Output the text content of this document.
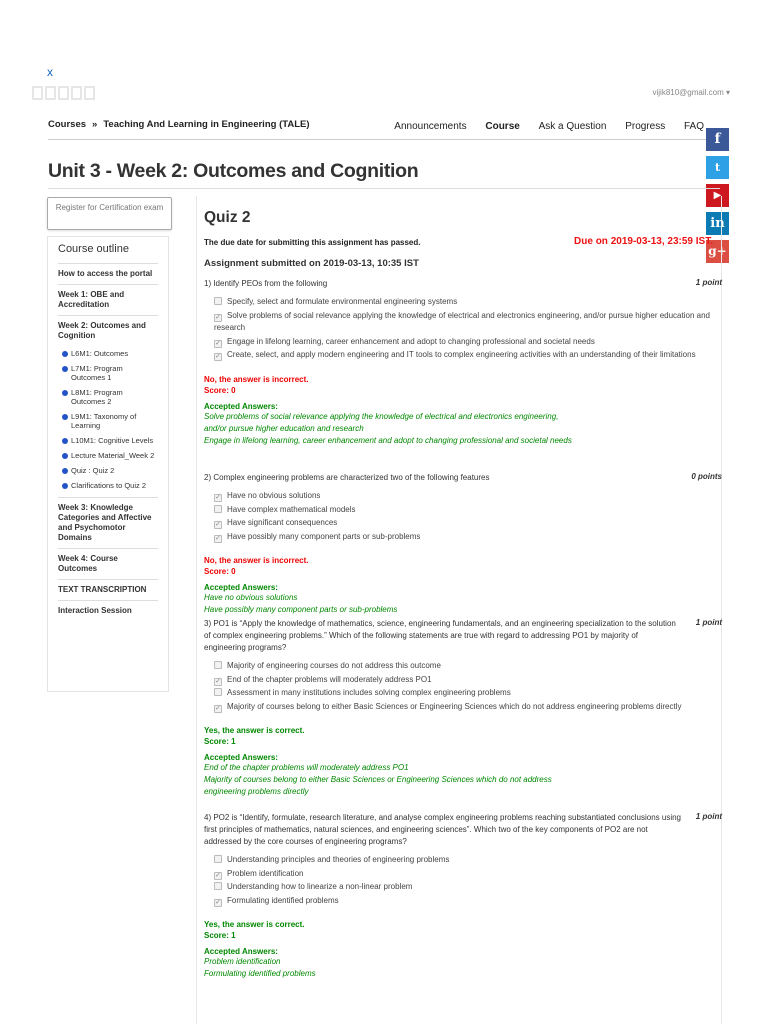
x
vijik810@gmail.com ▾
Courses » Teaching And Learning in Engineering (TALE)	Announcements Course Ask a Question Progress FAQ
f
t
▶
in
g+
Unit 3 - Week 2: Outcomes and Cognition
Register for Certification exam
Course outline
How to access the portal
Week 1: OBE and Accreditation
Week 2: Outcomes and Cognition
L6M1: Outcomes
L7M1: Program Outcomes 1
L8M1: Program Outcomes 2
L9M1: Taxonomy of Learning
L10M1: Cognitive Levels
Lecture Material_Week 2
Quiz : Quiz 2
Clarifications to Quiz 2
Week 3: Knowledge Categories and Affective and Psychomotor Domains
Week 4: Course Outcomes
TEXT TRANSCRIPTION
Interaction Session
Quiz 2
The due date for submitting this assignment has passed.	Due on 2019-03-13, 23:59 IST.
Assignment submitted on 2019-03-13, 10:35 IST
1) Identify PEOs from the following	1 point
Specify, select and formulate environmental engineering systems
✓ Solve problems of social relevance applying the knowledge of electrical and electronics engineering, and/or pursue higher education and research
✓ Engage in lifelong learning, career enhancement and adopt to changing professional and societal needs
✓ Create, select, and apply modern engineering and IT tools to complex engineering activities with an understanding of their limitations
No, the answer is incorrect.
Score: 0
Accepted Answers:
Solve problems of social relevance applying the knowledge of electrical and electronics engineering, and/or pursue higher education and research
Engage in lifelong learning, career enhancement and adopt to changing professional and societal needs
2) Complex engineering problems are characterized two of the following features	0 points
✓ Have no obvious solutions
Have complex mathematical models
✓ Have significant consequences
✓ Have possibly many component parts or sub-problems
No, the answer is incorrect.
Score: 0
Accepted Answers:
Have no obvious solutions
Have possibly many component parts or sub-problems
3) PO1 is “Apply the knowledge of mathematics, science, engineering fundamentals, and an engineering specialization to the solution of complex engineering problems.” Which of the following statements are true with regard to addressing PO1 by majority of engineering programs?
1 point
Majority of engineering courses do not address this outcome
✓ End of the chapter problems will moderately address PO1
Assessment in many institutions includes solving complex engineering problems
✓ Majority of courses belong to either Basic Sciences or Engineering Sciences which do not address engineering problems directly
Yes, the answer is correct.
Score: 1
Accepted Answers:
End of the chapter problems will moderately address PO1
Majority of courses belong to either Basic Sciences or Engineering Sciences which do not address engineering problems directly
4) PO2 is “Identify, formulate, research literature, and analyse complex engineering problems reaching substantiated conclusions using first principles of mathematics, natural sciences, and engineering sciences”. Which two of the key components of PO2 are not addressed by the core courses of engineering programs?
1 point
Understanding principles and theories of engineering problems
✓ Problem identification
Understanding how to linearize a non-linear problem
✓ Formulating identified problems
Yes, the answer is correct.
Score: 1
Accepted Answers:
Problem identification
Formulating identified problems
